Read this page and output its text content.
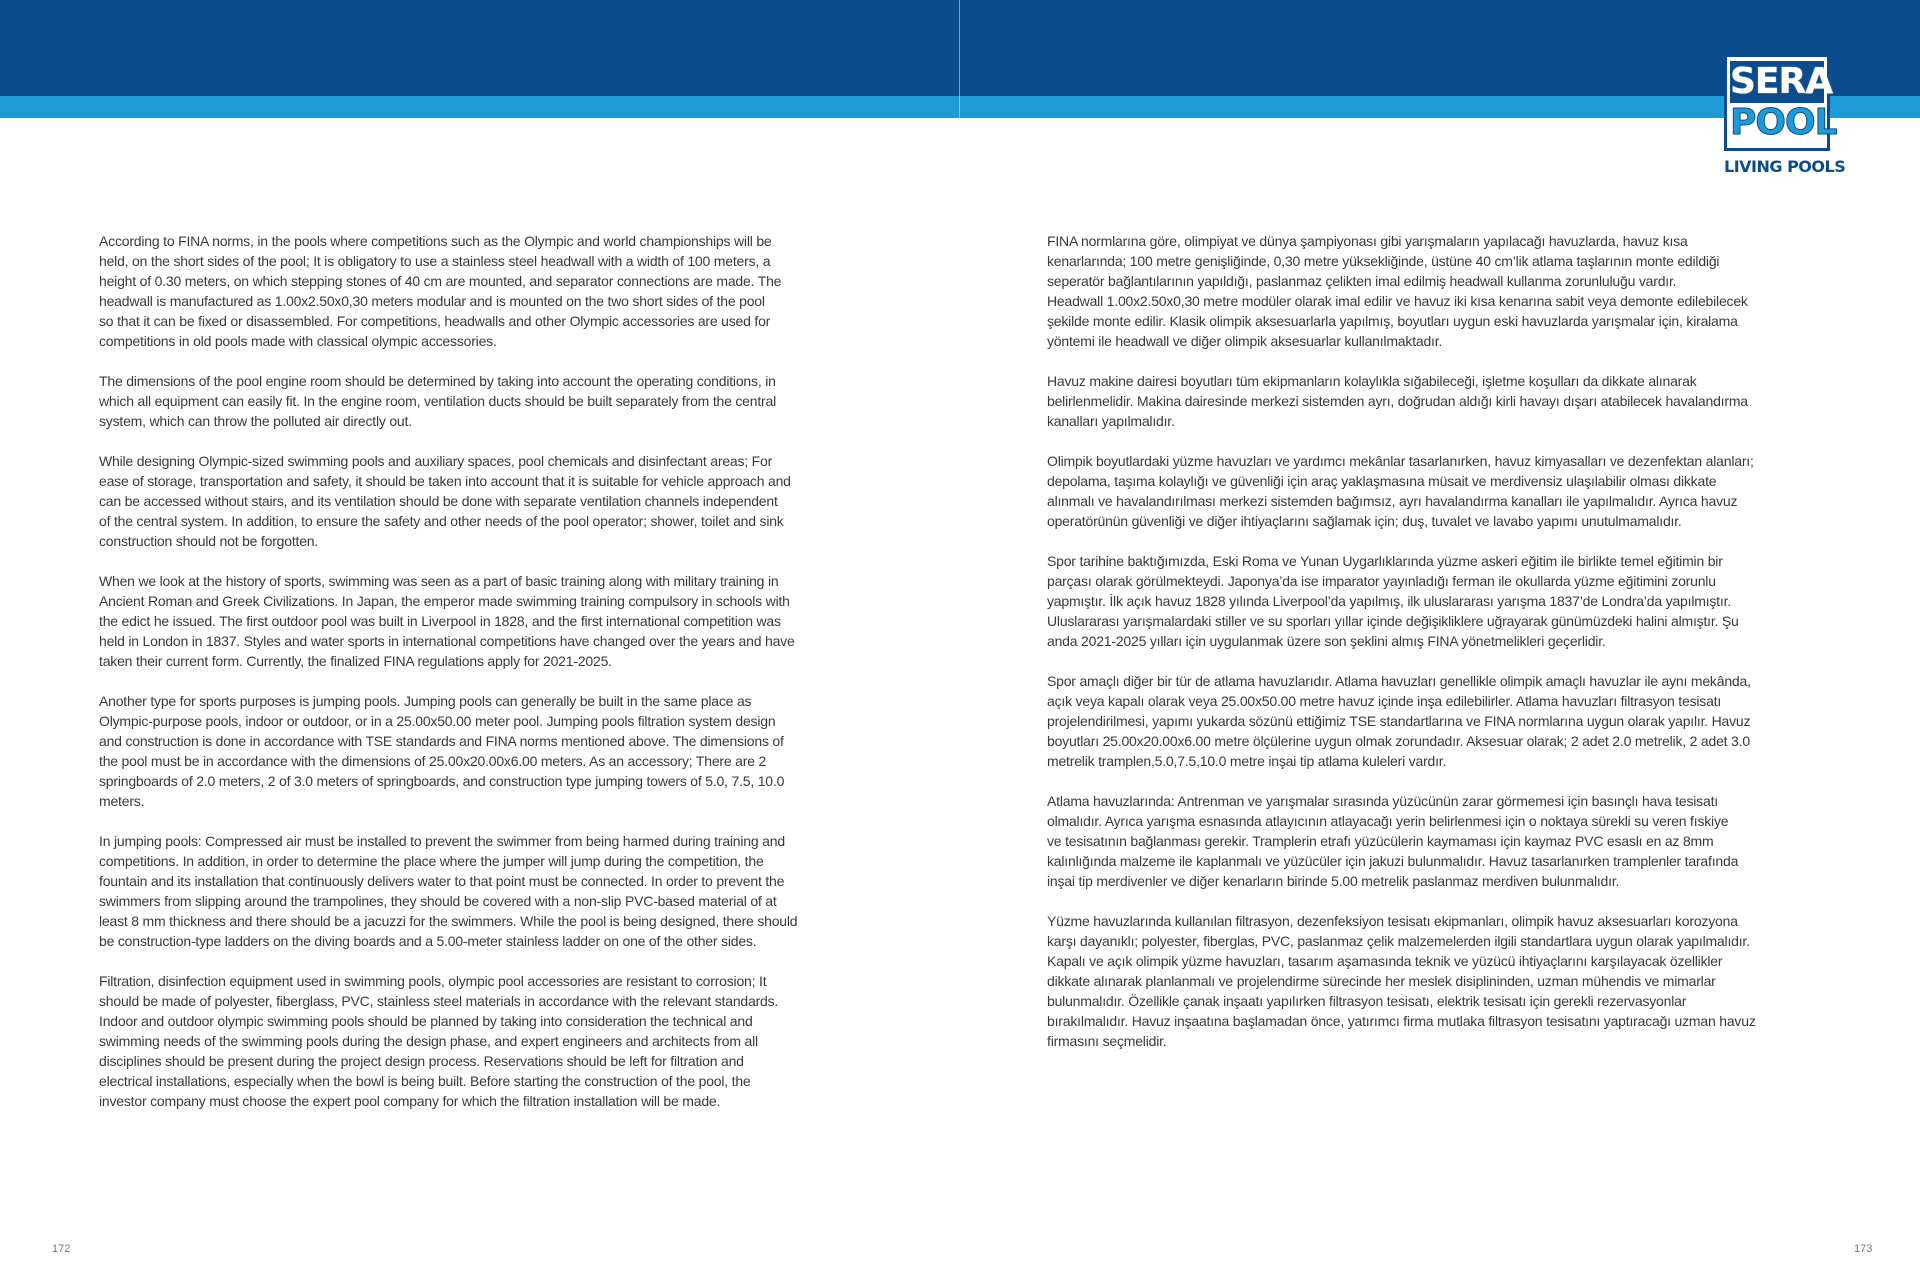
SERA
POOL
LIVING POOLS

According to FINA norms, in the pools where competitions such as the Olympic and world championships will be
held, on the short sides of the pool; It is obligatory to use a stainless steel headwall with a width of 100 meters, a
height of 0.30 meters, on which stepping stones of 40 cm are mounted, and separator connections are made. The
headwall is manufactured as 1.00x2.50x0,30 meters modular and is mounted on the two short sides of the pool
so that it can be fixed or disassembled. For competitions, headwalls and other Olympic accessories are used for
competitions in old pools made with classical olympic accessories.

The dimensions of the pool engine room should be determined by taking into account the operating conditions, in
which all equipment can easily fit. In the engine room, ventilation ducts should be built separately from the central
system, which can throw the polluted air directly out.

While designing Olympic-sized swimming pools and auxiliary spaces, pool chemicals and disinfectant areas; For
ease of storage, transportation and safety, it should be taken into account that it is suitable for vehicle approach and
can be accessed without stairs, and its ventilation should be done with separate ventilation channels independent
of the central system. In addition, to ensure the safety and other needs of the pool operator; shower, toilet and sink
construction should not be forgotten.

When we look at the history of sports, swimming was seen as a part of basic training along with military training in
Ancient Roman and Greek Civilizations. In Japan, the emperor made swimming training compulsory in schools with
the edict he issued. The first outdoor pool was built in Liverpool in 1828, and the first international competition was
held in London in 1837. Styles and water sports in international competitions have changed over the years and have
taken their current form. Currently, the finalized FINA regulations apply for 2021-2025.

Another type for sports purposes is jumping pools. Jumping pools can generally be built in the same place as
Olympic-purpose pools, indoor or outdoor, or in a 25.00x50.00 meter pool. Jumping pools filtration system design
and construction is done in accordance with TSE standards and FINA norms mentioned above. The dimensions of
the pool must be in accordance with the dimensions of 25.00x20.00x6.00 meters. As an accessory; There are 2
springboards of 2.0 meters, 2 of 3.0 meters of springboards, and construction type jumping towers of 5.0, 7.5, 10.0
meters.

In jumping pools: Compressed air must be installed to prevent the swimmer from being harmed during training and
competitions. In addition, in order to determine the place where the jumper will jump during the competition, the
fountain and its installation that continuously delivers water to that point must be connected. In order to prevent the
swimmers from slipping around the trampolines, they should be covered with a non-slip PVC-based material of at
least 8 mm thickness and there should be a jacuzzi for the swimmers. While the pool is being designed, there should
be construction-type ladders on the diving boards and a 5.00-meter stainless ladder on one of the other sides.

Filtration, disinfection equipment used in swimming pools, olympic pool accessories are resistant to corrosion; It
should be made of polyester, fiberglass, PVC, stainless steel materials in accordance with the relevant standards.
Indoor and outdoor olympic swimming pools should be planned by taking into consideration the technical and
swimming needs of the swimming pools during the design phase, and expert engineers and architects from all
disciplines should be present during the project design process. Reservations should be left for filtration and
electrical installations, especially when the bowl is being built. Before starting the construction of the pool, the
investor company must choose the expert pool company for which the filtration installation will be made.

FINA normlarına göre, olimpiyat ve dünya şampiyonası gibi yarışmaların yapılacağı havuzlarda, havuz kısa
kenarlarında; 100 metre genişliğinde, 0,30 metre yüksekliğinde, üstüne 40 cm’lik atlama taşlarının monte edildiği
seperatör bağlantılarının yapıldığı, paslanmaz çelikten imal edilmiş headwall kullanma zorunluluğu vardır.
Headwall 1.00x2.50x0,30 metre modüler olarak imal edilir ve havuz iki kısa kenarına sabit veya demonte edilebilecek
şekilde monte edilir. Klasik olimpik aksesuarlarla yapılmış, boyutları uygun eski havuzlarda yarışmalar için, kiralama
yöntemi ile headwall ve diğer olimpik aksesuarlar kullanılmaktadır.

Havuz makine dairesi boyutları tüm ekipmanların kolaylıkla sığabileceği, işletme koşulları da dikkate alınarak
belirlenmelidir. Makina dairesinde merkezi sistemden ayrı, doğrudan aldığı kirli havayı dışarı atabilecek havalandırma
kanalları yapılmalıdır.

Olimpik boyutlardaki yüzme havuzları ve yardımcı mekânlar tasarlanırken, havuz kimyasalları ve dezenfektan alanları;
depolama, taşıma kolaylığı ve güvenliği için araç yaklaşmasına müsait ve merdivensiz ulaşılabilir olması dikkate
alınmalı ve havalandırılması merkezi sistemden bağımsız, ayrı havalandırma kanalları ile yapılmalıdır. Ayrıca havuz
operatörünün güvenliği ve diğer ihtiyaçlarını sağlamak için; duş, tuvalet ve lavabo yapımı unutulmamalıdır.

Spor tarihine baktığımızda, Eski Roma ve Yunan Uygarlıklarında yüzme askeri eğitim ile birlikte temel eğitimin bir
parçası olarak görülmekteydi. Japonya’da ise imparator yayınladığı ferman ile okullarda yüzme eğitimini zorunlu
yapmıştır. İlk açık havuz 1828 yılında Liverpool’da yapılmış, ilk uluslararası yarışma 1837’de Londra’da yapılmıştır.
Uluslararası yarışmalardaki stiller ve su sporları yıllar içinde değişikliklere uğrayarak günümüzdeki halini almıştır. Şu
anda 2021-2025 yılları için uygulanmak üzere son şeklini almış FINA yönetmelikleri geçerlidir.

Spor amaçlı diğer bir tür de atlama havuzlarıdır. Atlama havuzları genellikle olimpik amaçlı havuzlar ile aynı mekânda,
açık veya kapalı olarak veya 25.00x50.00 metre havuz içinde inşa edilebilirler. Atlama havuzları filtrasyon tesisatı
projelendirilmesi, yapımı yukarda sözünü ettiğimiz TSE standartlarına ve FINA normlarına uygun olarak yapılır. Havuz
boyutları 25.00x20.00x6.00 metre ölçülerine uygun olmak zorundadır. Aksesuar olarak; 2 adet 2.0 metrelik, 2 adet 3.0
metrelik tramplen,5.0,7.5,10.0 metre inşai tip atlama kuleleri vardır.

Atlama havuzlarında: Antrenman ve yarışmalar sırasında yüzücünün zarar görmemesi için basınçlı hava tesisatı
olmalıdır. Ayrıca yarışma esnasında atlayıcının atlayacağı yerin belirlenmesi için o noktaya sürekli su veren fıskiye
ve tesisatının bağlanması gerekir. Tramplerin etrafı yüzücülerin kaymaması için kaymaz PVC esaslı en az 8mm
kalınlığında malzeme ile kaplanmalı ve yüzücüler için jakuzi bulunmalıdır. Havuz tasarlanırken tramplenler tarafında
inşai tip merdivenler ve diğer kenarların birinde 5.00 metrelik paslanmaz merdiven bulunmalıdır.

Yüzme havuzlarında kullanılan filtrasyon, dezenfeksiyon tesisatı ekipmanları, olimpik havuz aksesuarları korozyona
karşı dayanıklı; polyester, fiberglas, PVC, paslanmaz çelik malzemelerden ilgili standartlara uygun olarak yapılmalıdır.
Kapalı ve açık olimpik yüzme havuzları, tasarım aşamasında teknik ve yüzücü ihtiyaçlarını karşılayacak özellikler
dikkate alınarak planlanmalı ve projelendirme sürecinde her meslek disiplininden, uzman mühendis ve mimarlar
bulunmalıdır. Özellikle çanak inşaatı yapılırken filtrasyon tesisatı, elektrik tesisatı için gerekli rezervasyonlar
bırakılmalıdır. Havuz inşaatına başlamadan önce, yatırımcı firma mutlaka filtrasyon tesisatını yaptıracağı uzman havuz
firmasını seçmelidir.

172	173
